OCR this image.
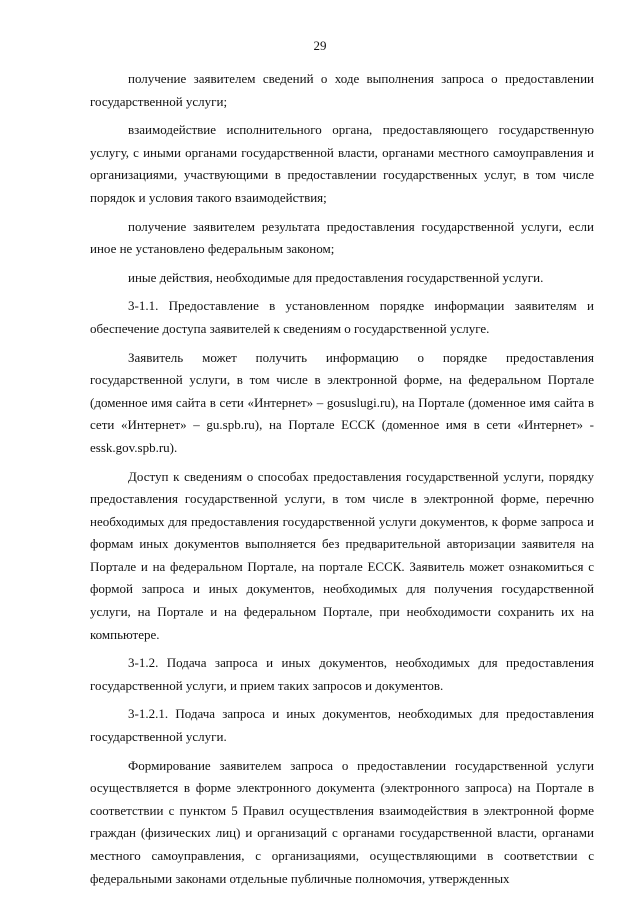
29

получение заявителем сведений о ходе выполнения запроса о предоставлении государственной услуги;

взаимодействие исполнительного органа, предоставляющего государственную услугу, с иными органами государственной власти, органами местного самоуправления и организациями, участвующими в предоставлении государственных услуг, в том числе порядок и условия такого взаимодействия;

получение заявителем результата предоставления государственной услуги, если иное не установлено федеральным законом;

иные действия, необходимые для предоставления государственной услуги.

3-1.1. Предоставление в установленном порядке информации заявителям и обеспечение доступа заявителей к сведениям о государственной услуге.

Заявитель может получить информацию о порядке предоставления государственной услуги, в том числе в электронной форме, на федеральном Портале (доменное имя сайта в сети «Интернет» – gosuslugi.ru), на Портале (доменное имя сайта в сети «Интернет» – gu.spb.ru), на Портале ЕССК (доменное имя в сети «Интернет» - essk.gov.spb.ru).

Доступ к сведениям о способах предоставления государственной услуги, порядку предоставления государственной услуги, в том числе в электронной форме, перечню необходимых для предоставления государственной услуги документов, к форме запроса и формам иных документов выполняется без предварительной авторизации заявителя на Портале и на федеральном Портале, на портале ЕССК. Заявитель может ознакомиться с формой запроса и иных документов, необходимых для получения государственной услуги, на Портале и на федеральном Портале, при необходимости сохранить их на компьютере.

3-1.2. Подача запроса и иных документов, необходимых для предоставления государственной услуги, и прием таких запросов и документов.

3-1.2.1. Подача запроса и иных документов, необходимых для предоставления государственной услуги.

Формирование заявителем запроса о предоставлении государственной услуги осуществляется в форме электронного документа (электронного запроса) на Портале в соответствии с пунктом 5 Правил осуществления взаимодействия в электронной форме граждан (физических лиц) и организаций с органами государственной власти, органами местного самоуправления, с организациями, осуществляющими в соответствии с федеральными законами отдельные публичные полномочия, утвержденных
